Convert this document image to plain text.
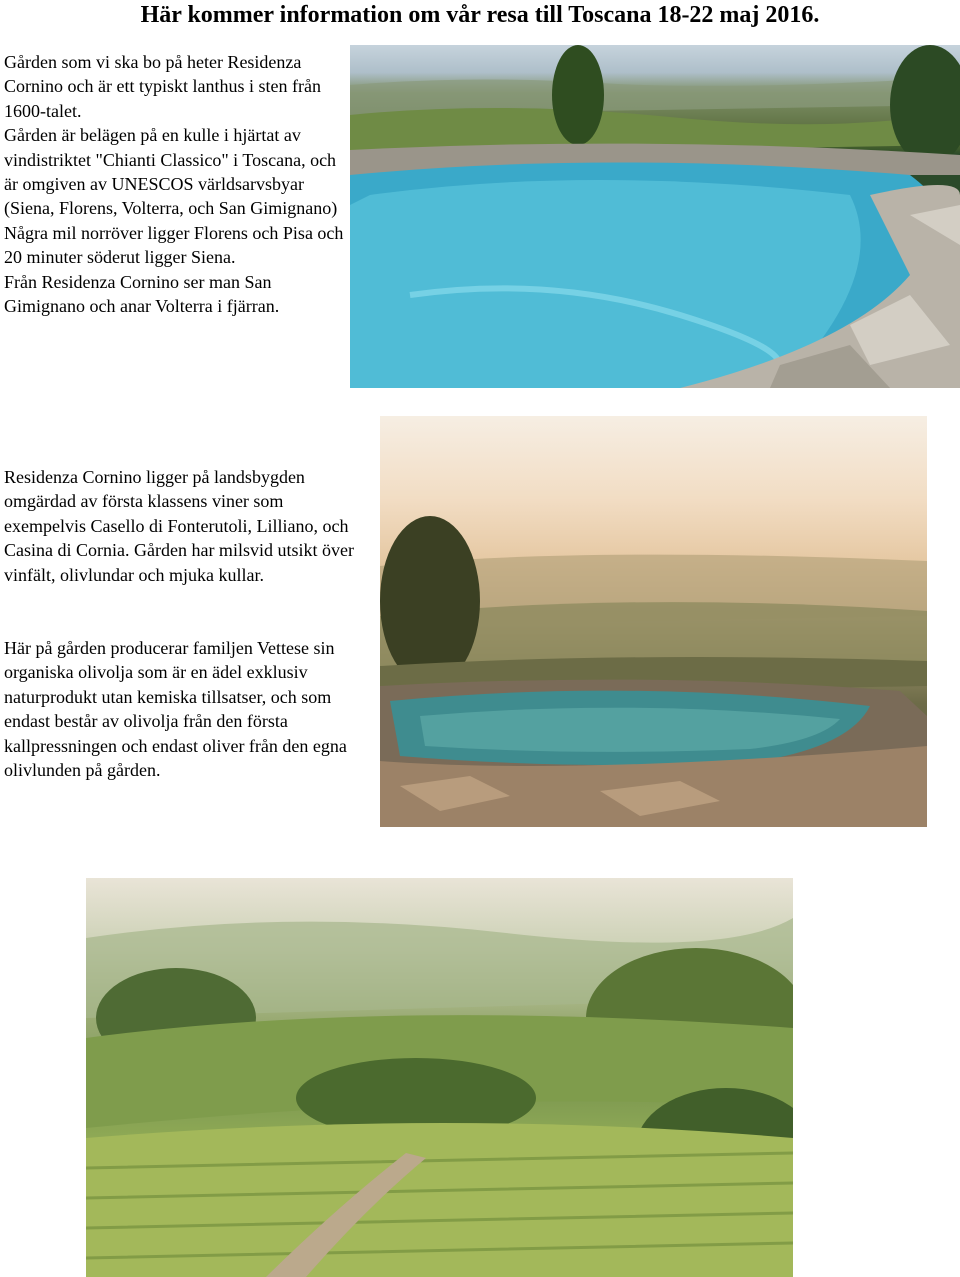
Här kommer information om vår resa till Toscana 18-22 maj 2016.

Gården som vi ska bo på heter Residenza Cornino och är ett typiskt lanthus i sten från 1600-talet.

Gården är belägen på en kulle i hjärtat av vindistriktet "Chianti Classico" i Toscana, och är omgiven av UNESCOS världsarvsbyar (Siena, Florens, Volterra, och San Gimignano)

Några mil norröver ligger Florens och Pisa och 20 minuter söderut ligger Siena.

Från Residenza Cornino ser man San Gimignano och anar Volterra i fjärran.

Residenza Cornino ligger på landsbygden omgärdad av första klassens viner som exempelvis Casello di Fonterutoli, Lilliano, och Casina di Cornia. Gården har milsvid utsikt över vinfält, olivlundar och mjuka kullar.

Här på gården producerar familjen Vettese sin organiska olivolja som är en ädel exklusiv naturprodukt utan kemiska tillsatser, och som endast består av olivolja från den första kallpressningen och endast oliver från den egna olivlunden på gården.
